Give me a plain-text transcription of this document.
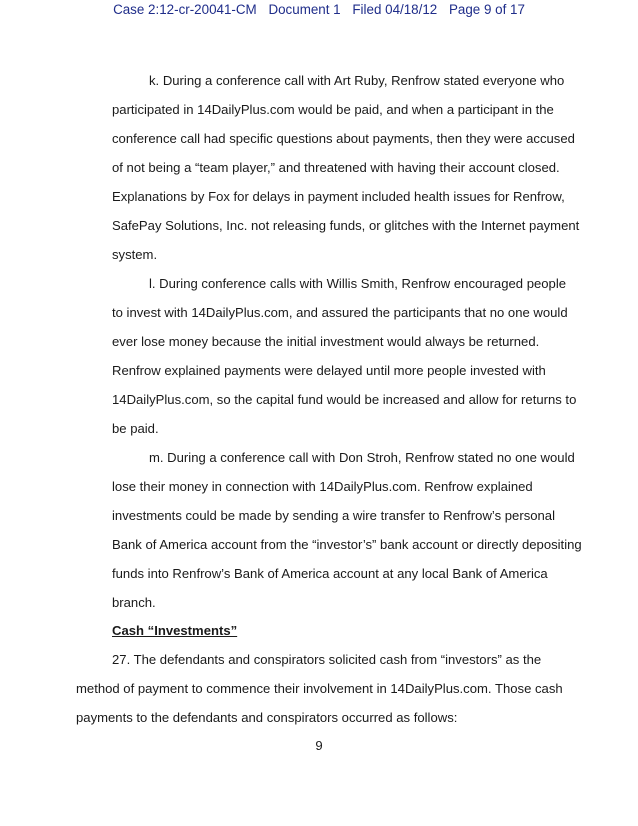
Case 2:12-cr-20041-CM Document 1 Filed 04/18/12 Page 9 of 17
k. During a conference call with Art Ruby, Renfrow stated everyone who
participated in 14DailyPlus.com would be paid, and when a participant in the
conference call had specific questions about payments, then they were accused
of not being a “team player,” and threatened with having their account closed.
Explanations by Fox for delays in payment included health issues for Renfrow,
SafePay Solutions, Inc. not releasing funds, or glitches with the Internet payment
system.
l. During conference calls with Willis Smith, Renfrow encouraged people
to invest with 14DailyPlus.com, and assured the participants that no one would
ever lose money because the initial investment would always be returned.
Renfrow explained payments were delayed until more people invested with
14DailyPlus.com, so the capital fund would be increased and allow for returns to
be paid.
m. During a conference call with Don Stroh, Renfrow stated no one would
lose their money in connection with 14DailyPlus.com. Renfrow explained
investments could be made by sending a wire transfer to Renfrow’s personal
Bank of America account from the “investor’s” bank account or directly depositing
funds into Renfrow’s Bank of America account at any local Bank of America
branch.
Cash “Investments”
27. The defendants and conspirators solicited cash from “investors” as the
method of payment to commence their involvement in 14DailyPlus.com. Those cash
payments to the defendants and conspirators occurred as follows:
9
